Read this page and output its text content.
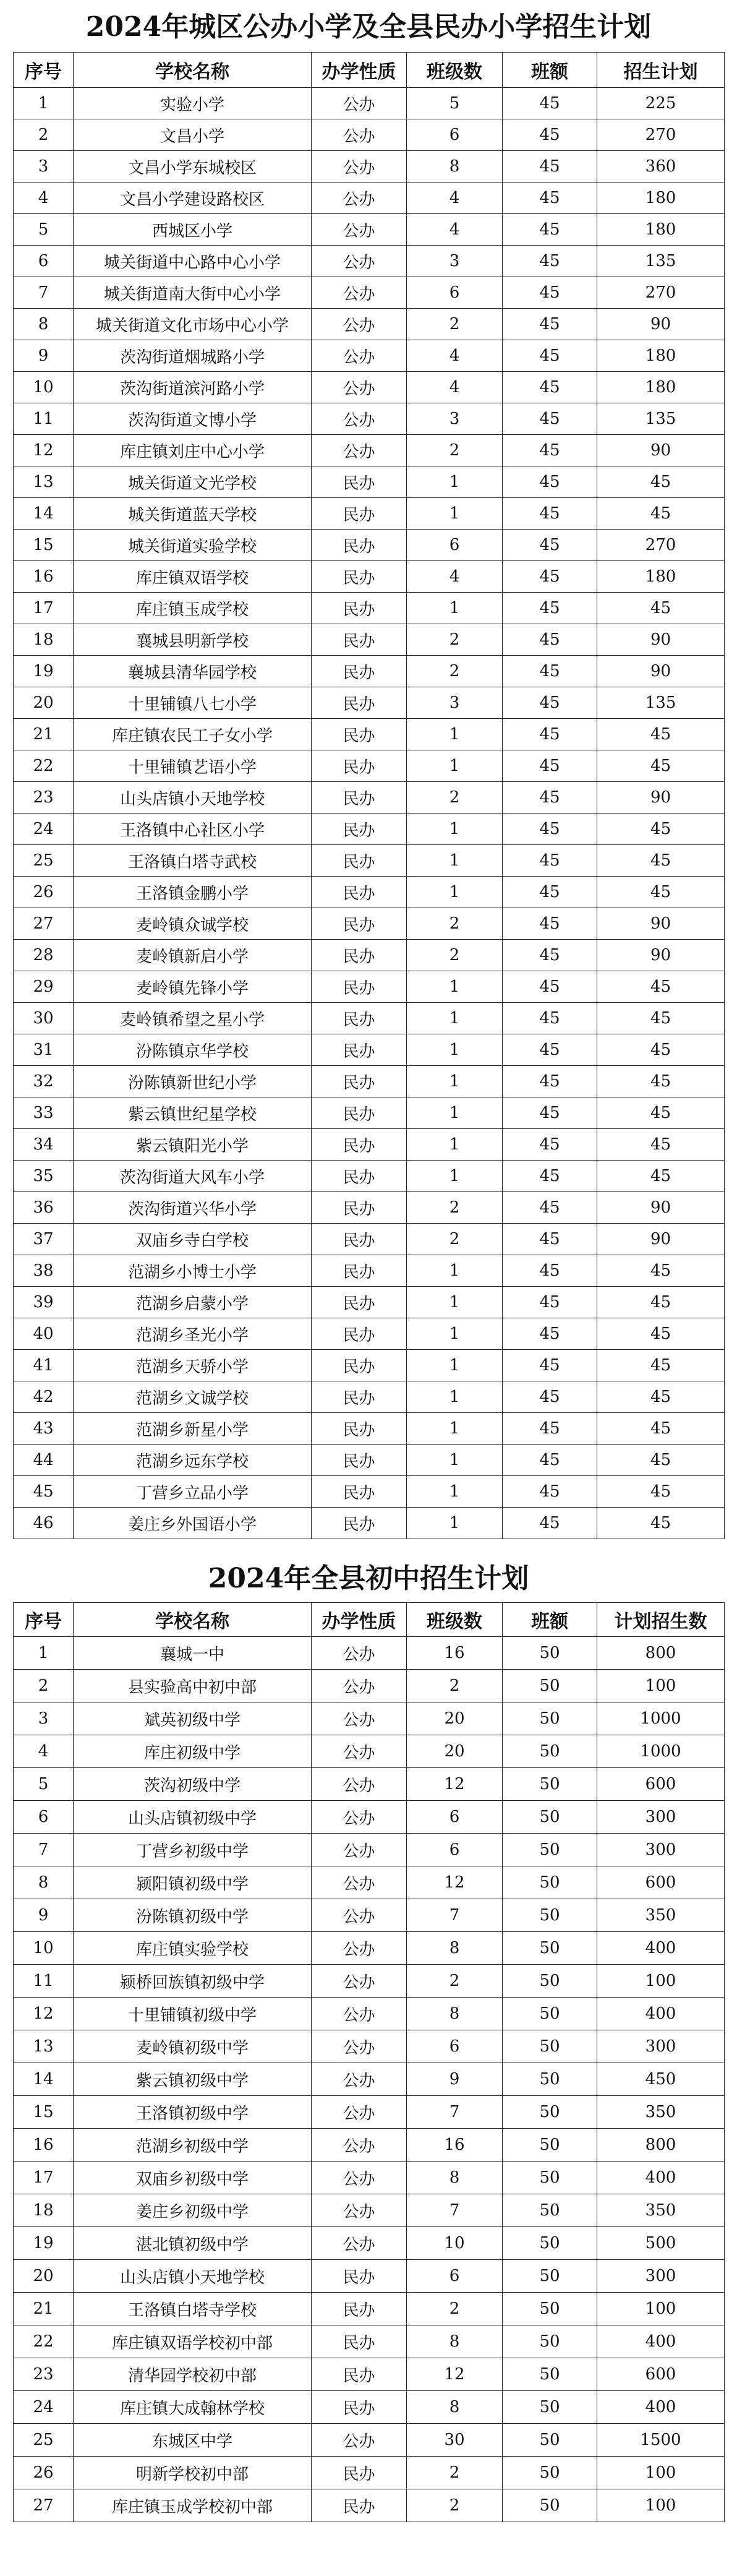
2024年城区公办小学及全县民办小学招生计划
序号	学校名称	办学性质	班级数	班额	招生计划
1	实验小学	公办	5	45	225
2	文昌小学	公办	6	45	270
3	文昌小学东城校区	公办	8	45	360
4	文昌小学建设路校区	公办	4	45	180
5	西城区小学	公办	4	45	180
6	城关街道中心路中心小学	公办	3	45	135
7	城关街道南大街中心小学	公办	6	45	270
8	城关街道文化市场中心小学	公办	2	45	90
9	茨沟街道烟城路小学	公办	4	45	180
10	茨沟街道滨河路小学	公办	4	45	180
11	茨沟街道文博小学	公办	3	45	135
12	库庄镇刘庄中心小学	公办	2	45	90
13	城关街道文光学校	民办	1	45	45
14	城关街道蓝天学校	民办	1	45	45
15	城关街道实验学校	民办	6	45	270
16	库庄镇双语学校	民办	4	45	180
17	库庄镇玉成学校	民办	1	45	45
18	襄城县明新学校	民办	2	45	90
19	襄城县清华园学校	民办	2	45	90
20	十里铺镇八七小学	民办	3	45	135
21	库庄镇农民工子女小学	民办	1	45	45
22	十里铺镇艺语小学	民办	1	45	45
23	山头店镇小天地学校	民办	2	45	90
24	王洛镇中心社区小学	民办	1	45	45
25	王洛镇白塔寺武校	民办	1	45	45
26	王洛镇金鹏小学	民办	1	45	45
27	麦岭镇众诚学校	民办	2	45	90
28	麦岭镇新启小学	民办	2	45	90
29	麦岭镇先锋小学	民办	1	45	45
30	麦岭镇希望之星小学	民办	1	45	45
31	汾陈镇京华学校	民办	1	45	45
32	汾陈镇新世纪小学	民办	1	45	45
33	紫云镇世纪星学校	民办	1	45	45
34	紫云镇阳光小学	民办	1	45	45
35	茨沟街道大风车小学	民办	1	45	45
36	茨沟街道兴华小学	民办	2	45	90
37	双庙乡寺白学校	民办	2	45	90
38	范湖乡小博士小学	民办	1	45	45
39	范湖乡启蒙小学	民办	1	45	45
40	范湖乡圣光小学	民办	1	45	45
41	范湖乡天骄小学	民办	1	45	45
42	范湖乡文诚学校	民办	1	45	45
43	范湖乡新星小学	民办	1	45	45
44	范湖乡远东学校	民办	1	45	45
45	丁营乡立品小学	民办	1	45	45
46	姜庄乡外国语小学	民办	1	45	45
2024年全县初中招生计划
序号	学校名称	办学性质	班级数	班额	计划招生数
1	襄城一中	公办	16	50	800
2	县实验高中初中部	公办	2	50	100
3	斌英初级中学	公办	20	50	1000
4	库庄初级中学	公办	20	50	1000
5	茨沟初级中学	公办	12	50	600
6	山头店镇初级中学	公办	6	50	300
7	丁营乡初级中学	公办	6	50	300
8	颍阳镇初级中学	公办	12	50	600
9	汾陈镇初级中学	公办	7	50	350
10	库庄镇实验学校	公办	8	50	400
11	颍桥回族镇初级中学	公办	2	50	100
12	十里铺镇初级中学	公办	8	50	400
13	麦岭镇初级中学	公办	6	50	300
14	紫云镇初级中学	公办	9	50	450
15	王洛镇初级中学	公办	7	50	350
16	范湖乡初级中学	公办	16	50	800
17	双庙乡初级中学	公办	8	50	400
18	姜庄乡初级中学	公办	7	50	350
19	湛北镇初级中学	公办	10	50	500
20	山头店镇小天地学校	民办	6	50	300
21	王洛镇白塔寺学校	民办	2	50	100
22	库庄镇双语学校初中部	民办	8	50	400
23	清华园学校初中部	民办	12	50	600
24	库庄镇大成翰林学校	民办	8	50	400
25	东城区中学	公办	30	50	1500
26	明新学校初中部	民办	2	50	100
27	库庄镇玉成学校初中部	民办	2	50	100
